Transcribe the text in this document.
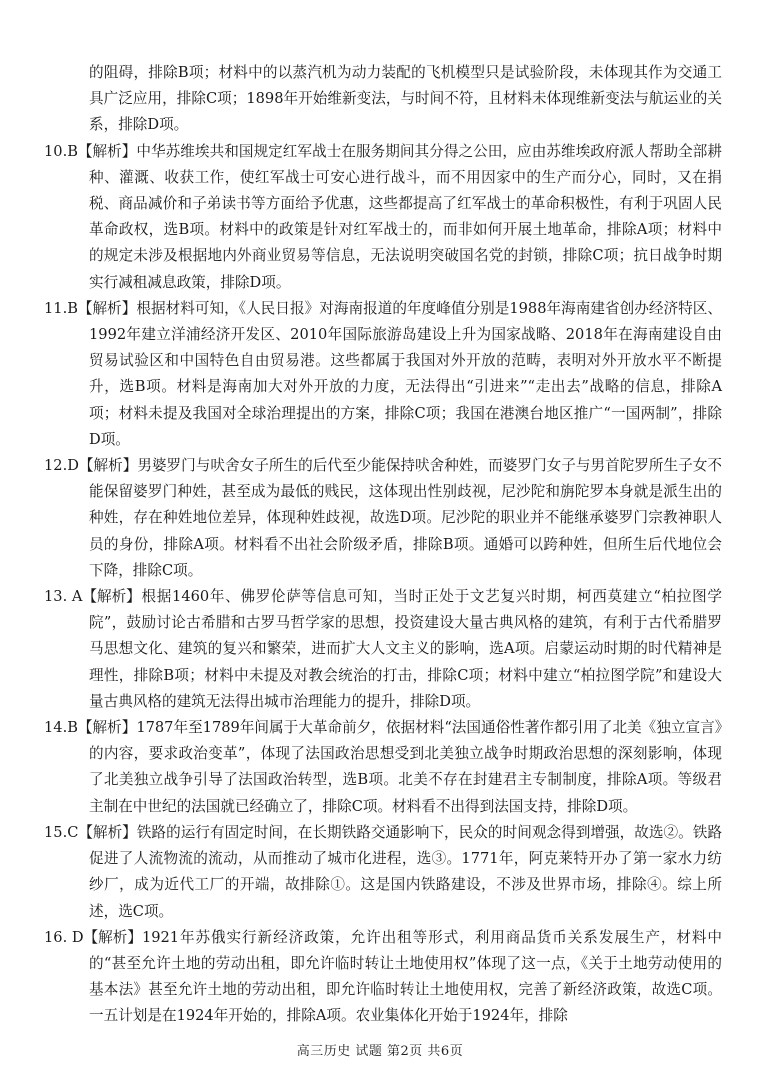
的阻碍，排除B项；材料中的以蒸汽机为动力装配的飞机模型只是试验阶段，未体现其作为交通工具广泛应用，排除C项；1898年开始维新变法，与时间不符，且材料未体现维新变法与航运业的关系，排除D项。

10.B【解析】中华苏维埃共和国规定红军战士在服务期间其分得之公田，应由苏维埃政府派人帮助全部耕种、灌溉、收获工作，使红军战士可安心进行战斗，而不用因家中的生产而分心，同时，又在捐税、商品减价和子弟读书等方面给予优惠，这些都提高了红军战士的革命积极性，有利于巩固人民革命政权，选B项。材料中的政策是针对红军战士的，而非如何开展土地革命，排除A项；材料中的规定未涉及根据地内外商业贸易等信息，无法说明突破国名党的封锁，排除C项；抗日战争时期实行减租减息政策，排除D项。

11.B【解析】根据材料可知，《人民日报》对海南报道的年度峰值分别是1988年海南建省创办经济特区、1992年建立洋浦经济开发区、2010年国际旅游岛建设上升为国家战略、2018年在海南建设自由贸易试验区和中国特色自由贸易港。这些都属于我国对外开放的范畴，表明对外开放水平不断提升，选B项。材料是海南加大对外开放的力度，无法得出“引进来”“走出去”战略的信息，排除A项；材料未提及我国对全球治理提出的方案，排除C项；我国在港澳台地区推广“一国两制”，排除D项。

12.D【解析】男婆罗门与吠舍女子所生的后代至少能保持吠舍种姓，而婆罗门女子与男首陀罗所生子女不能保留婆罗门种姓，甚至成为最低的贱民，这体现出性别歧视，尼沙陀和旃陀罗本身就是派生出的种姓，存在种姓地位差异，体现种姓歧视，故选D项。尼沙陀的职业并不能继承婆罗门宗教神职人员的身份，排除A项。材料看不出社会阶级矛盾，排除B项。通婚可以跨种姓，但所生后代地位会下降，排除C项。

13. A【解析】根据1460年、佛罗伦萨等信息可知，当时正处于文艺复兴时期，柯西莫建立“柏拉图学院”，鼓励讨论古希腊和古罗马哲学家的思想，投资建设大量古典风格的建筑，有利于古代希腊罗马思想文化、建筑的复兴和繁荣，进而扩大人文主义的影响，选A项。启蒙运动时期的时代精神是理性，排除B项；材料中未提及对教会统治的打击，排除C项；材料中建立“柏拉图学院”和建设大量古典风格的建筑无法得出城市治理能力的提升，排除D项。

14.B【解析】1787年至1789年间属于大革命前夕，依据材料“法国通俗性著作都引用了北美《独立宣言》的内容，要求政治变革”，体现了法国政治思想受到北美独立战争时期政治思想的深刻影响，体现了北美独立战争引导了法国政治转型，选B项。北美不存在封建君主专制制度，排除A项。等级君主制在中世纪的法国就已经确立了，排除C项。材料看不出得到法国支持，排除D项。

15.C【解析】铁路的运行有固定时间，在长期铁路交通影响下，民众的时间观念得到增强，故选②。铁路促进了人流物流的流动，从而推动了城市化进程，选③。1771年，阿克莱特开办了第一家水力纺纱厂，成为近代工厂的开端，故排除①。这是国内铁路建设，不涉及世界市场，排除④。综上所述，选C项。

16. D【解析】1921年苏俄实行新经济政策，允许出租等形式，利用商品货币关系发展生产，材料中的“甚至允许土地的劳动出租，即允许临时转让土地使用权”体现了这一点，《关于土地劳动使用的基本法》甚至允许土地的劳动出租，即允许临时转让土地使用权，完善了新经济政策，故选C项。一五计划是在1924年开始的，排除A项。农业集体化开始于1924年，排除

高三历史 试题 第2页 共6页
